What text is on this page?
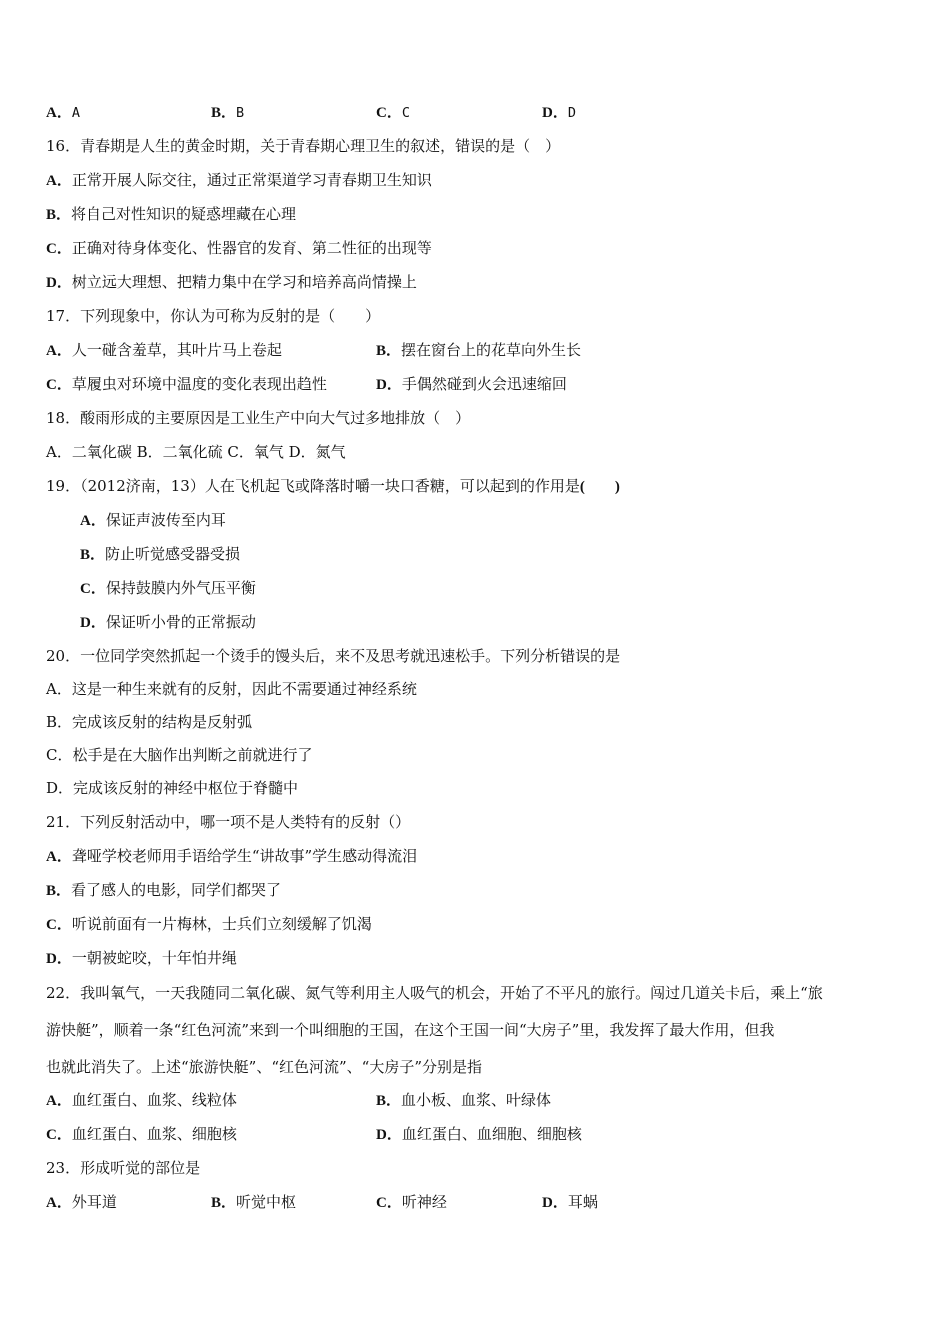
A．A	B．B	C．C	D．D
16．青春期是人生的黄金时期，关于青春期心理卫生的叙述，错误的是（　）
A．正常开展人际交往，通过正常渠道学习青春期卫生知识
B．将自己对性知识的疑惑埋藏在心理
C．正确对待身体变化、性器官的发育、第二性征的出现等
D．树立远大理想、把精力集中在学习和培养高尚情操上
17．下列现象中，你认为可称为反射的是（　　）
A．人一碰含羞草，其叶片马上卷起	B．摆在窗台上的花草向外生长
C．草履虫对环境中温度的变化表现出趋性	D．手偶然碰到火会迅速缩回
18．酸雨形成的主要原因是工业生产中向大气过多地排放（　）
A．二氧化碳 B．二氧化硫 C．氧气 D．氮气
19．（2012济南，13）人在飞机起飞或降落时嚼一块口香糖，可以起到的作用是(　　)
A．保证声波传至内耳
B．防止听觉感受器受损
C．保持鼓膜内外气压平衡
D．保证听小骨的正常振动
20．一位同学突然抓起一个烫手的馒头后，来不及思考就迅速松手。下列分析错误的是
A．这是一种生来就有的反射，因此不需要通过神经系统
B．完成该反射的结构是反射弧
C．松手是在大脑作出判断之前就进行了
D．完成该反射的神经中枢位于脊髓中
21．下列反射活动中，哪一项不是人类特有的反射（）
A．聋哑学校老师用手语给学生“讲故事”学生感动得流泪
B．看了感人的电影，同学们都哭了
C．听说前面有一片梅林，士兵们立刻缓解了饥渴
D．一朝被蛇咬，十年怕井绳
22．我叫氧气，一天我随同二氧化碳、氮气等利用主人吸气的机会，开始了不平凡的旅行。闯过几道关卡后，乘上“旅
游快艇”，顺着一条“红色河流”来到一个叫细胞的王国，在这个王国一间“大房子”里，我发挥了最大作用，但我
也就此消失了。上述“旅游快艇”、“红色河流”、“大房子”分别是指
A．血红蛋白、血浆、线粒体	B．血小板、血浆、叶绿体
C．血红蛋白、血浆、细胞核	D．血红蛋白、血细胞、细胞核
23．形成听觉的部位是
A．外耳道	B．听觉中枢	C．听神经	D．耳蜗
